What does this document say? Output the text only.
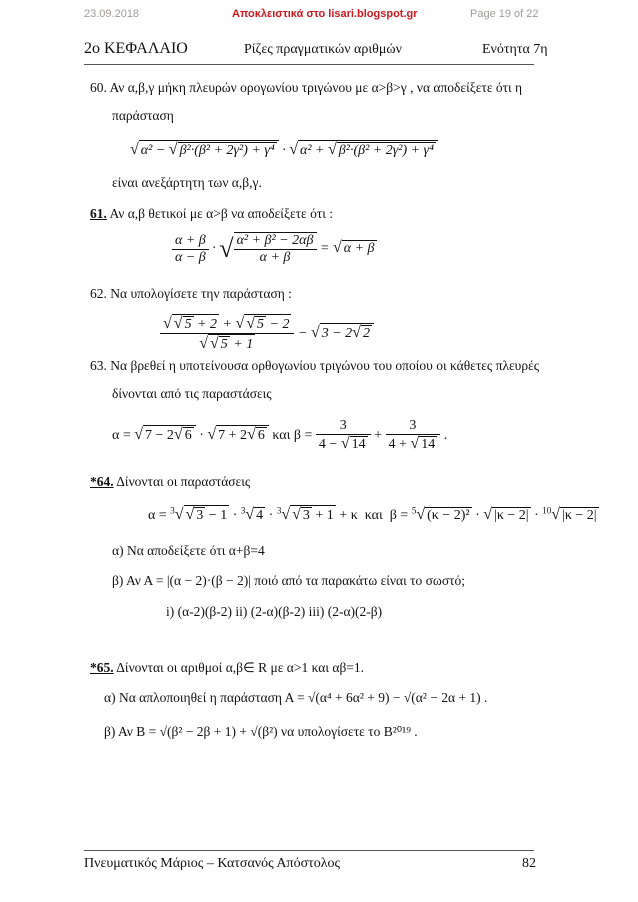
23.09.2018	Αποκλειστικά στο lisari.blogspot.gr	Page 19 of 22
2ο ΚΕΦΑΛΑΙΟ	Ρίζες πραγματικών αριθμών	Ενότητα 7η
60. Αν α,β,γ μήκη πλευρών ορογωνίου τριγώνου με α>β>γ , να αποδείξετε ότι η
παράσταση
√ α² − √ β²·(β² + 2γ²) + γ⁴ · √ α² + √ β²·(β² + 2γ²) + γ⁴
είναι ανεξάρτητη των α,β,γ.
61. Αν α,β θετικοί με α>β να αποδείξετε ότι :
$\frac{\alpha + \beta}{\alpha - \beta}$ · √ $\frac{\text{α² + β² − 2αβ}}{\alpha + \beta}$ = √ α + β
62. Να υπολογίσετε την παράσταση :
$\frac{√ √ 5 + 2 + √ √ 5 - 2}{√ √ 5 + 1}$ − √ 3 − 2√ 2
63. Να βρεθεί η υποτείνουσα ορθογωνίου τριγώνου του οποίου οι κάθετες πλευρές
δίνονται από τις παραστάσεις
α = √ 7 − 2√ 6 · √ 7 + 2√ 6 και $\beta = \frac{3}{4 - √ 14} + \frac{3}{4 + √ 14}$ .
*64. Δίνονται οι παραστάσεις
α = $^3$√ √ 3 − 1 · $^3$√ 4 · $^3$√ √ 3 + 1 + κ  και  β = $^5$√ (κ − 2)² · √ |κ − 2| · $^{10}$√ |κ − 2|
α) Να αποδείξετε ότι α+β=4
β) Αν Α = |(α − 2)·(β − 2)| ποιό από τα παρακάτω είναι το σωστό;
i) (α-2)(β-2) ii) (2-α)(β-2) iii) (2-α)(2-β)
*65. Δίνονται οι αριθμοί α,β∈ R με α>1 και αβ=1.
α) Να απλοποιηθεί η παράσταση Α = √(α⁴ + 6α² + 9) − √(α² − 2α + 1) .
β) Αν Β = √(β² − 2β + 1) + √(β²) να υπολογίσετε το B²⁰¹⁹ .
Πνευματικός Μάριος – Κατσανός Απόστολος	82
